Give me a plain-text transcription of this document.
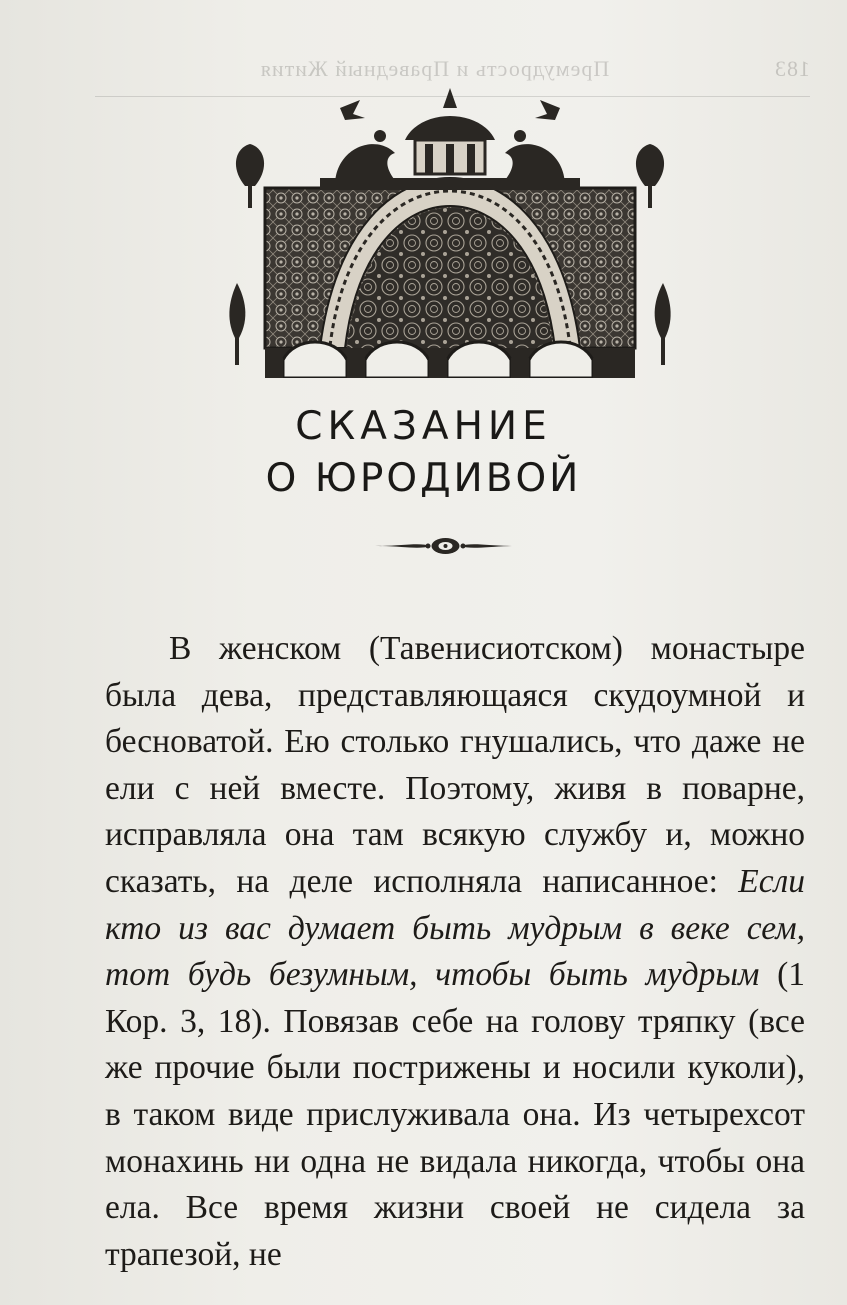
183
Премудрость и Праведный Жития
СКАЗАНИЕ
О ЮРОДИВОЙ

В женском (Тавенисиотском) монастыре была дева, представляющаяся скудоумной и бесноватой. Ею столько гнушались, что даже не ели с ней вместе. Поэтому, живя в поварне, исправляла она там всякую службу и, можно сказать, на деле исполняла написанное: Если кто из вас думает быть мудрым в веке сем, тот будь безумным, чтобы быть мудрым (1 Кор. 3, 18). Повязав себе на голову тряпку (все же прочие были пострижены и носили куколи), в таком виде прислуживала она. Из четырехсот монахинь ни одна не видала никогда, чтобы она ела. Все время жизни своей не сидела за трапезой, не
